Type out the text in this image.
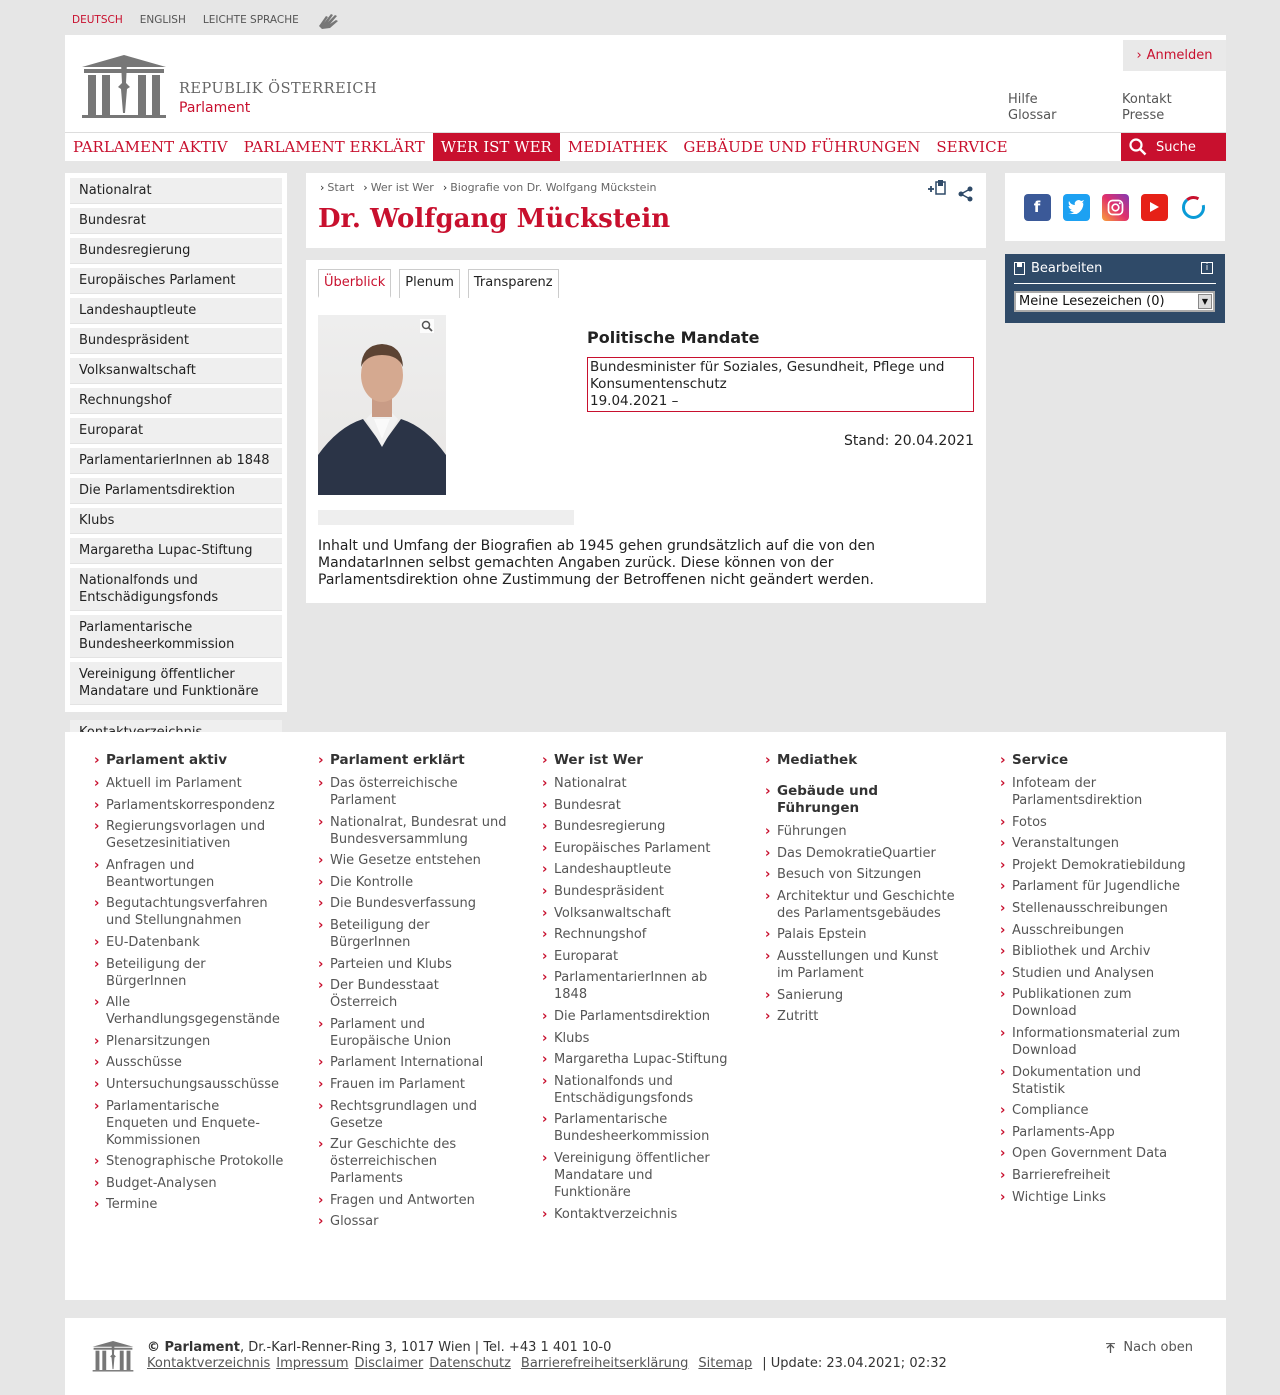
DEUTSCH ENGLISH LEICHTE SPRACHE
REPUBLIK ÖSTERREICH
Parlament
› Anmelden
Hilfe
Glossar
Kontakt
Presse
PARLAMENT AKTIV	PARLAMENT ERKLÄRT	WER IST WER	MEDIATHEK	GEBÄUDE UND FÜHRUNGEN	SERVICE	Suche
Nationalrat
Bundesrat
Bundesregierung
Europäisches Parlament
Landeshauptleute
Bundespräsident
Volksanwaltschaft
Rechnungshof
Europarat
ParlamentarierInnen ab 1848
Die Parlamentsdirektion
Klubs
Margaretha Lupac-Stiftung
Nationalfonds und Entschädigungsfonds
Parlamentarische Bundesheerkommission
Vereinigung öffentlicher Mandatare und Funktionäre
› Start	› Wer ist Wer	› Biografie von Dr. Wolfgang Mückstein
Dr. Wolfgang Mückstein
Überblick	Plenum	Transparenz
Politische Mandate
Bundesminister für Soziales, Gesundheit, Pflege und Konsumentenschutz
19.04.2021 –
Stand: 20.04.2021

Inhalt und Umfang der Biografien ab 1945 gehen grundsätzlich auf die von den MandatarInnen selbst gemachten Angaben zurück. Diese können von der Parlamentsdirektion ohne Zustimmung der Betroffenen nicht geändert werden.

f
Bearbeiten	i
Meine Lesezeichen (0)	▼
› Parlament aktiv
› Aktuell im Parlament
› Parlamentskorrespondenz
› Regierungsvorlagen und Gesetzesinitiativen
› Anfragen und Beantwortungen
› Begutachtungsverfahren und Stellungnahmen
› EU-Datenbank
› Beteiligung der BürgerInnen
› Alle Verhandlungsgegenstände
› Plenarsitzungen
› Ausschüsse
› Untersuchungsausschüsse
› Parlamentarische Enqueten und Enquete-Kommissionen
› Stenographische Protokolle
› Budget-Analysen
› Termine
› Parlament erklärt
› Das österreichische Parlament
› Nationalrat, Bundesrat und Bundesversammlung
› Wie Gesetze entstehen
› Die Kontrolle
› Die Bundesverfassung
› Beteiligung der BürgerInnen
› Parteien und Klubs
› Der Bundesstaat Österreich
› Parlament und Europäische Union
› Parlament International
› Frauen im Parlament
› Rechtsgrundlagen und Gesetze
› Zur Geschichte des österreichischen Parlaments
› Fragen und Antworten
› Glossar
› Wer ist Wer
› Nationalrat
› Bundesrat
› Bundesregierung
› Europäisches Parlament
› Landeshauptleute
› Bundespräsident
› Volksanwaltschaft
› Rechnungshof
› Europarat
› ParlamentarierInnen ab 1848
› Die Parlamentsdirektion
› Klubs
› Margaretha Lupac-Stiftung
› Nationalfonds und Entschädigungsfonds
› Parlamentarische Bundesheerkommission
› Vereinigung öffentlicher Mandatare und Funktionäre
› Kontaktverzeichnis
› Mediathek
› Gebäude und Führungen
› Führungen
› Das DemokratieQuartier
› Besuch von Sitzungen
› Architektur und Geschichte des Parlamentsgebäudes
› Palais Epstein
› Ausstellungen und Kunst im Parlament
› Sanierung
› Zutritt
› Service
› Infoteam der Parlamentsdirektion
› Fotos
› Veranstaltungen
› Projekt Demokratiebildung
› Parlament für Jugendliche
› Stellenausschreibungen
› Ausschreibungen
› Bibliothek und Archiv
› Studien und Analysen
› Publikationen zum Download
› Informationsmaterial zum Download
› Dokumentation und Statistik
› Compliance
› Parlaments-App
› Open Government Data
› Barrierefreiheit
› Wichtige Links
© Parlament, Dr.-Karl-Renner-Ring 3, 1017 Wien | Tel. +43 1 401 10-0
Kontaktverzeichnis Impressum Disclaimer Datenschutz Barrierefreiheitserklärung Sitemap | Update: 23.04.2021; 02:32
Nach oben
